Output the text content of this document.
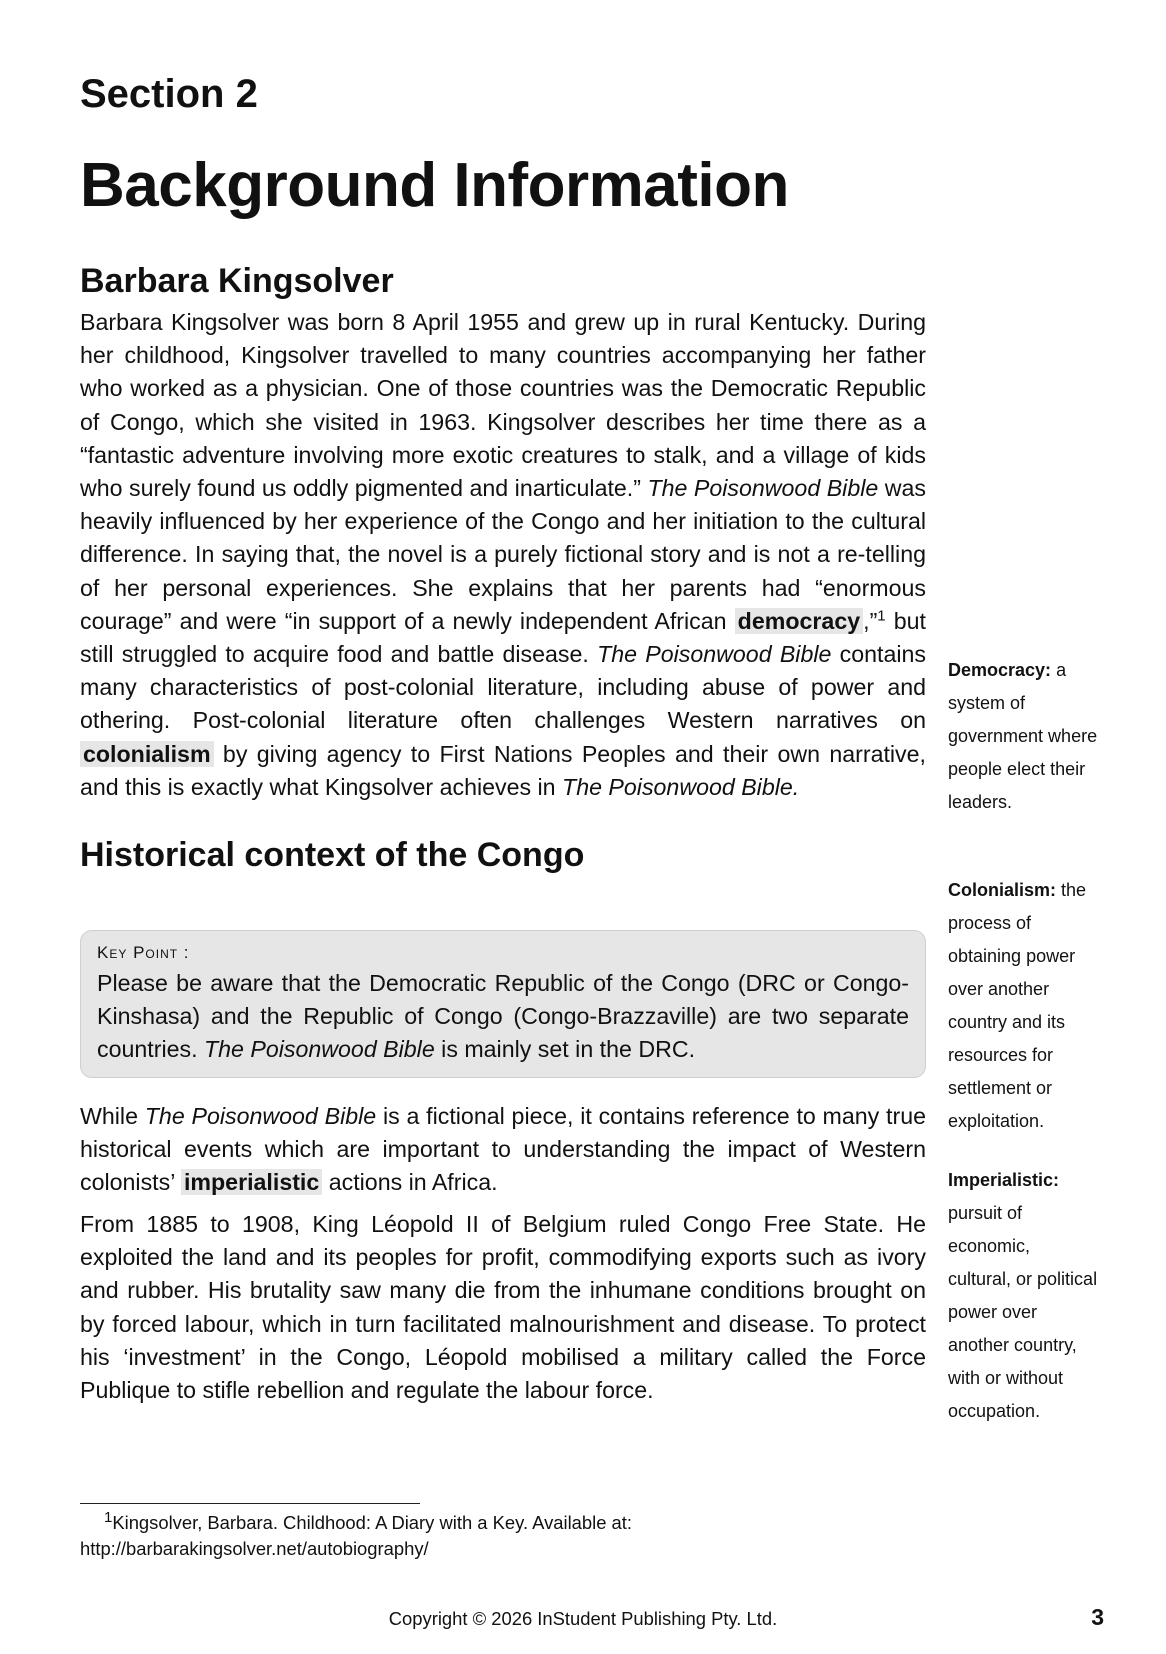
Section 2
Background Information
Barbara Kingsolver

Barbara Kingsolver was born 8 April 1955 and grew up in rural Kentucky. During her childhood, Kingsolver travelled to many countries accompanying her father who worked as a physician. One of those countries was the Democratic Republic of Congo, which she visited in 1963. Kingsolver describes her time there as a “fantastic adventure involving more exotic creatures to stalk, and a village of kids who surely found us oddly pigmented and inarticulate.” The Poisonwood Bible was heavily influenced by her experience of the Congo and her initiation to the cultural difference. In saying that, the novel is a purely fictional story and is not a re-telling of her personal experiences. She explains that her parents had “enormous courage” and were “in support of a newly independent African democracy ,”$^1$ but still struggled to acquire food and battle disease. The Poisonwood Bible contains many characteristics of post-colonial literature, including abuse of power and othering. Post-colonial literature often challenges Western narratives on colonialism by giving agency to First Nations Peoples and their own narrative, and this is exactly what Kingsolver achieves in The Poisonwood Bible.

Historical context of the Congo

Key Point :

Please be aware that the Democratic Republic of the Congo (DRC or Congo-Kinshasa) and the Republic of Congo (Congo-Brazzaville) are two separate countries. The Poisonwood Bible is mainly set in the DRC.

While The Poisonwood Bible is a fictional piece, it contains reference to many true historical events which are important to understanding the impact of Western colonists’ imperialistic actions in Africa.

From 1885 to 1908, King Léopold II of Belgium ruled Congo Free State. He exploited the land and its peoples for profit, commodifying exports such as ivory and rubber. His brutality saw many die from the inhumane conditions brought on by forced labour, which in turn facilitated malnourishment and disease. To protect his ‘investment’ in the Congo, Léopold mobilised a military called the Force Publique to stifle rebellion and regulate the labour force.

Democracy: a system of government where people elect their leaders.

Colonialism: the process of obtaining power over another country and its resources for settlement or exploitation.

Imperialistic: pursuit of economic, cultural, or political power over another country, with or without occupation.

$^1$Kingsolver, Barbara. Childhood: A Diary with a Key. Available at: http://barbarakingsolver.net/autobiography/

Copyright © 2026 InStudent Publishing Pty. Ltd.	3
